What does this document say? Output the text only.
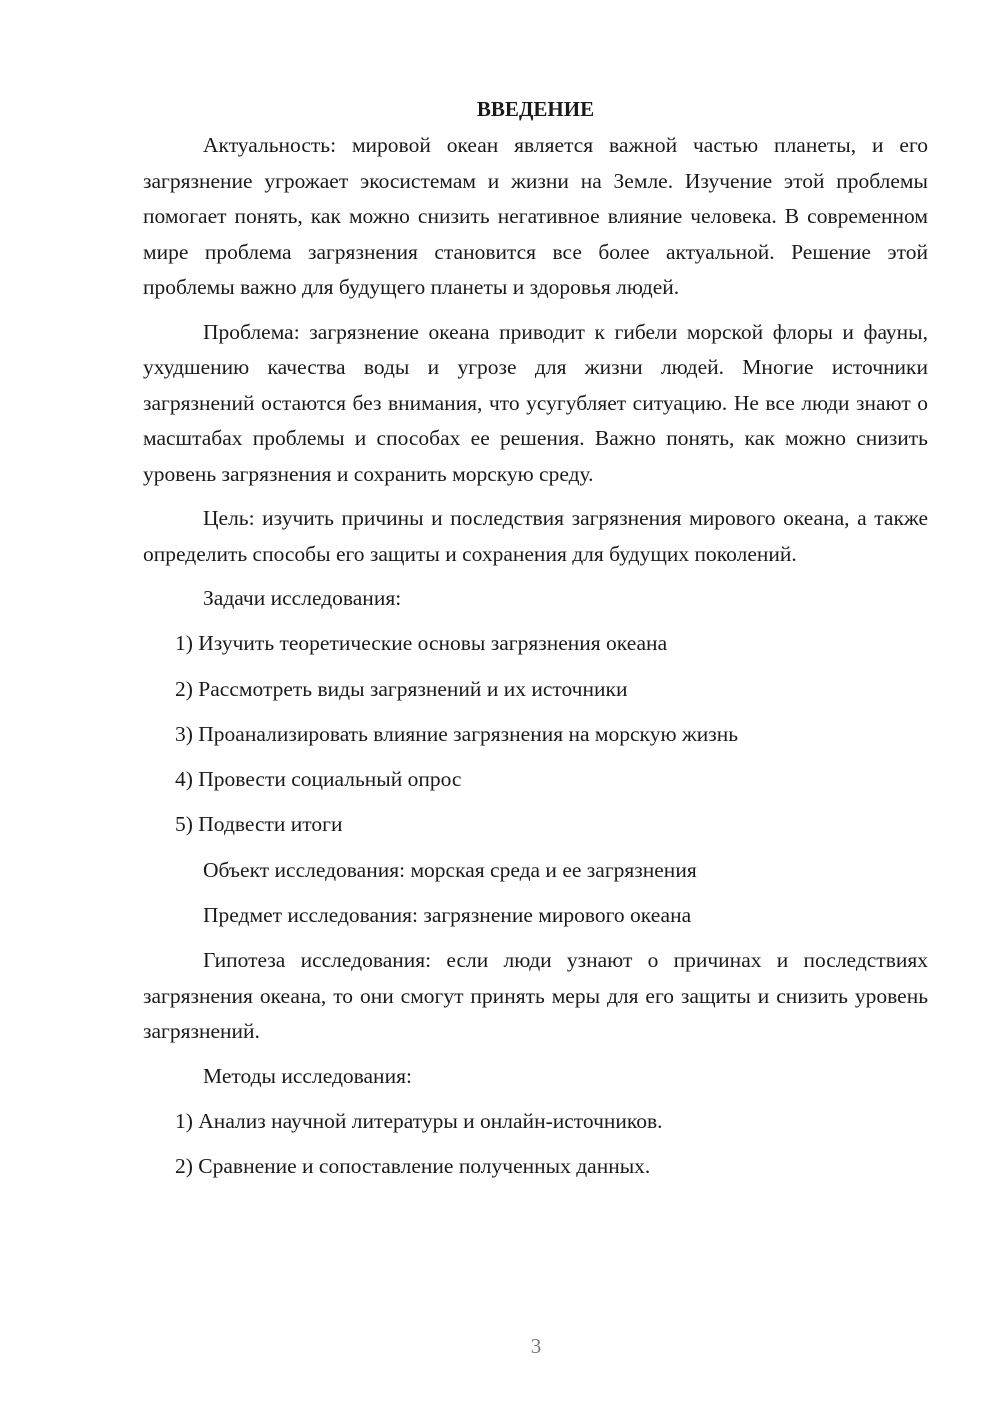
ВВЕДЕНИЕ

Актуальность: мировой океан является важной частью планеты, и его загрязнение угрожает экосистемам и жизни на Земле. Изучение этой проблемы помогает понять, как можно снизить негативное влияние человека. В современном мире проблема загрязнения становится все более актуальной. Решение этой проблемы важно для будущего планеты и здоровья людей.

Проблема: загрязнение океана приводит к гибели морской флоры и фауны, ухудшению качества воды и угрозе для жизни людей. Многие источники загрязнений остаются без внимания, что усугубляет ситуацию. Не все люди знают о масштабах проблемы и способах ее решения. Важно понять, как можно снизить уровень загрязнения и сохранить морскую среду.

Цель: изучить причины и последствия загрязнения мирового океана, а также определить способы его защиты и сохранения для будущих поколений.

Задачи исследования:
1) Изучить теоретические основы загрязнения океана
2) Рассмотреть виды загрязнений и их источники
3) Проанализировать влияние загрязнения на морскую жизнь
4) Провести социальный опрос
5) Подвести итоги
Объект исследования: морская среда и ее загрязнения
Предмет исследования: загрязнение мирового океана

Гипотеза исследования: если люди узнают о причинах и последствиях загрязнения океана, то они смогут принять меры для его защиты и снизить уровень загрязнений.

Методы исследования:
1) Анализ научной литературы и онлайн-источников.
2) Сравнение и сопоставление полученных данных.
3
